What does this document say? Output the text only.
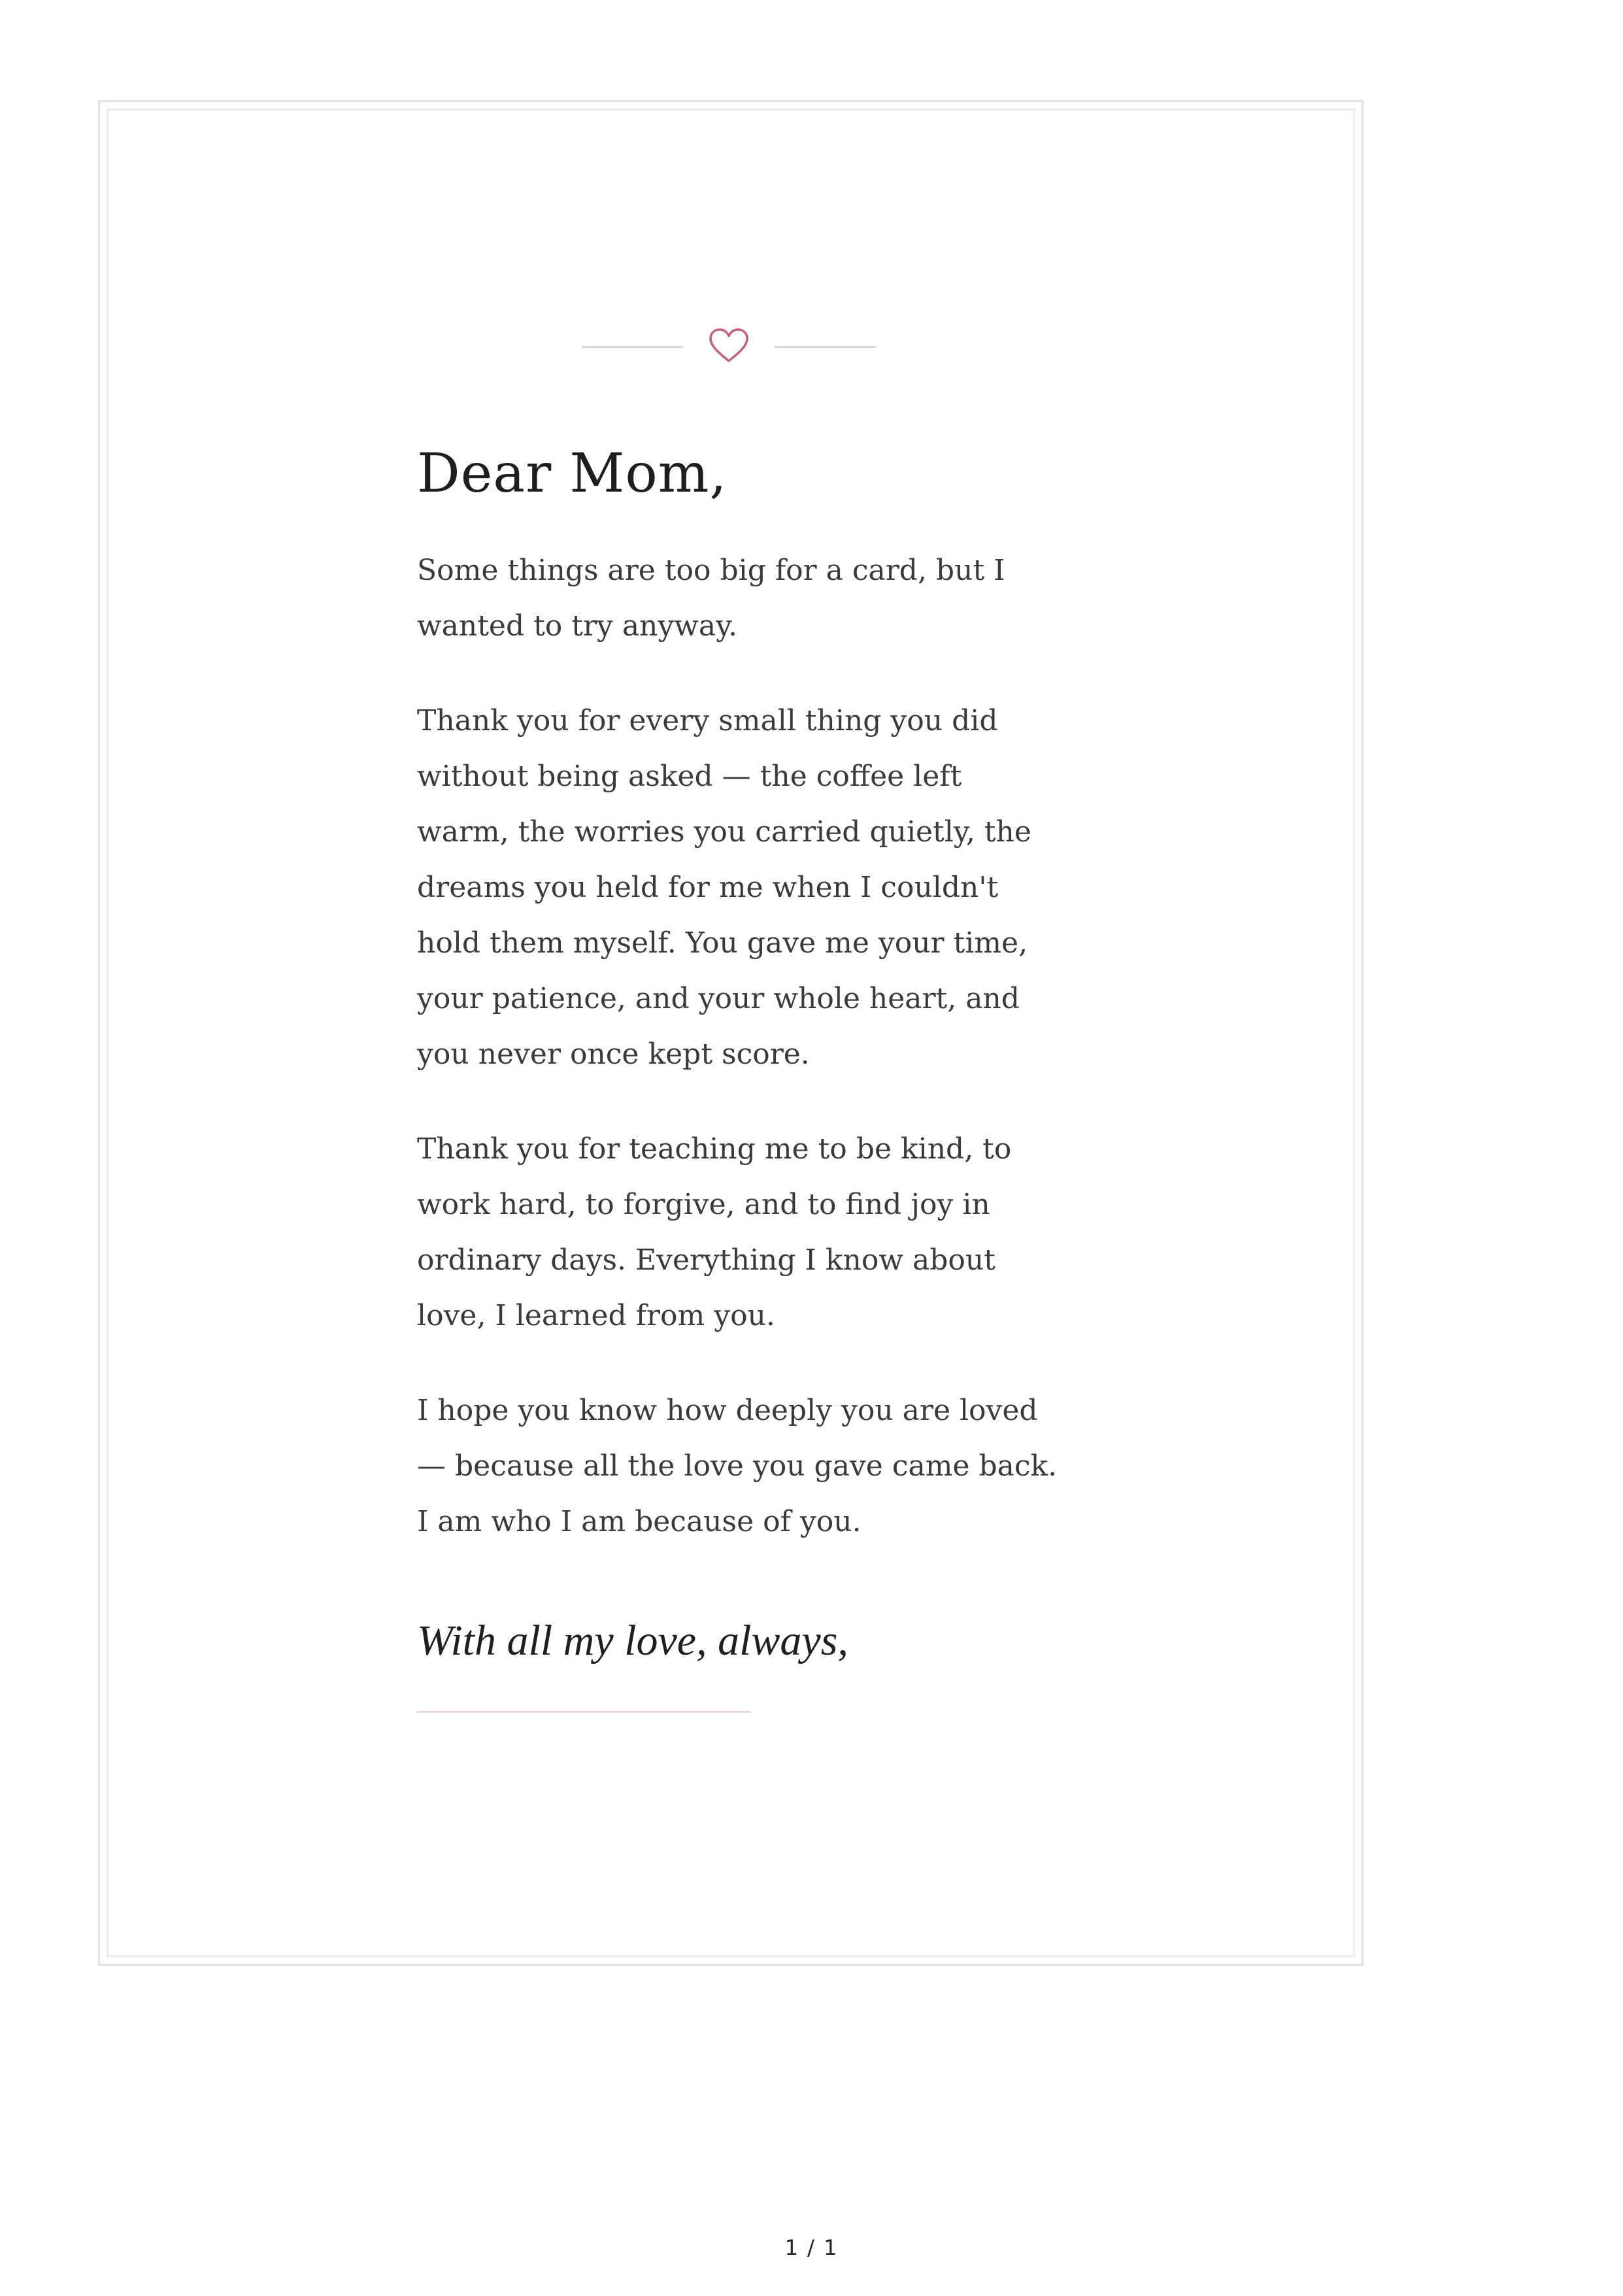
Dear Mom,

Some things are too big for a card, but I wanted to try anyway.

Thank you for every small thing you did without being asked — the coffee left warm, the worries you carried quietly, the dreams you held for me when I couldn't hold them myself. You gave me your time, your patience, and your whole heart, and you never once kept score.

Thank you for teaching me to be kind, to work hard, to forgive, and to find joy in ordinary days. Everything I know about love, I learned from you.

I hope you know how deeply you are loved — because all the love you gave came back. I am who I am because of you.

With all my love, always,

1 / 1
